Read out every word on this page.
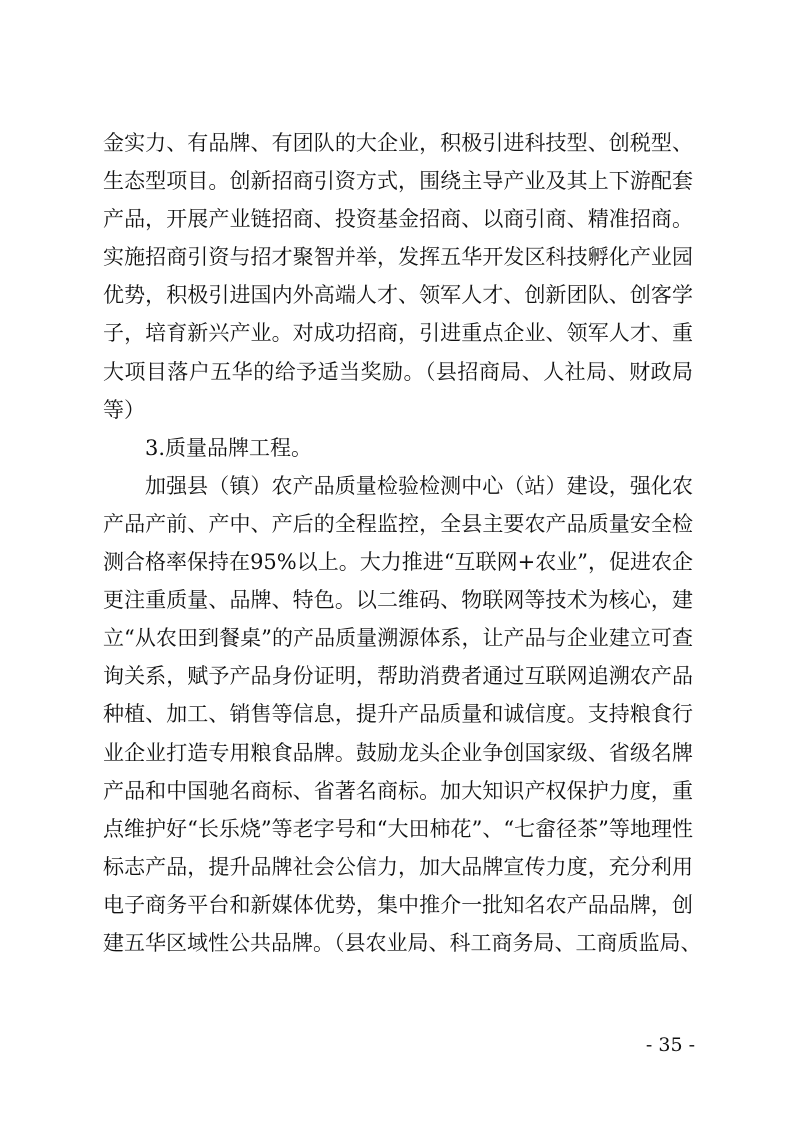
金实力、有品牌、有团队的大企业，积极引进科技型、创税型、
生态型项目。创新招商引资方式，围绕主导产业及其上下游配套
产品，开展产业链招商、投资基金招商、以商引商、精准招商。
实施招商引资与招才聚智并举，发挥五华开发区科技孵化产业园
优势，积极引进国内外高端人才、领军人才、创新团队、创客学
子，培育新兴产业。对成功招商，引进重点企业、领军人才、重
大项目落户五华的给予适当奖励。（县招商局、人社局、财政局
等）
3.质量品牌工程。
加强县（镇）农产品质量检验检测中心（站）建设，强化农
产品产前、产中、产后的全程监控，全县主要农产品质量安全检
测合格率保持在95%以上。大力推进“互联网+农业”，促进农企
更注重质量、品牌、特色。以二维码、物联网等技术为核心，建
立“从农田到餐桌”的产品质量溯源体系，让产品与企业建立可查
询关系，赋予产品身份证明，帮助消费者通过互联网追溯农产品
种植、加工、销售等信息，提升产品质量和诚信度。支持粮食行
业企业打造专用粮食品牌。鼓励龙头企业争创国家级、省级名牌
产品和中国驰名商标、省著名商标。加大知识产权保护力度，重
点维护好“长乐烧”等老字号和“大田柿花”、“七畲径茶”等地理性
标志产品，提升品牌社会公信力，加大品牌宣传力度，充分利用
电子商务平台和新媒体优势，集中推介一批知名农产品品牌，创
建五华区域性公共品牌。（县农业局、科工商务局、工商质监局、
- 35 -
